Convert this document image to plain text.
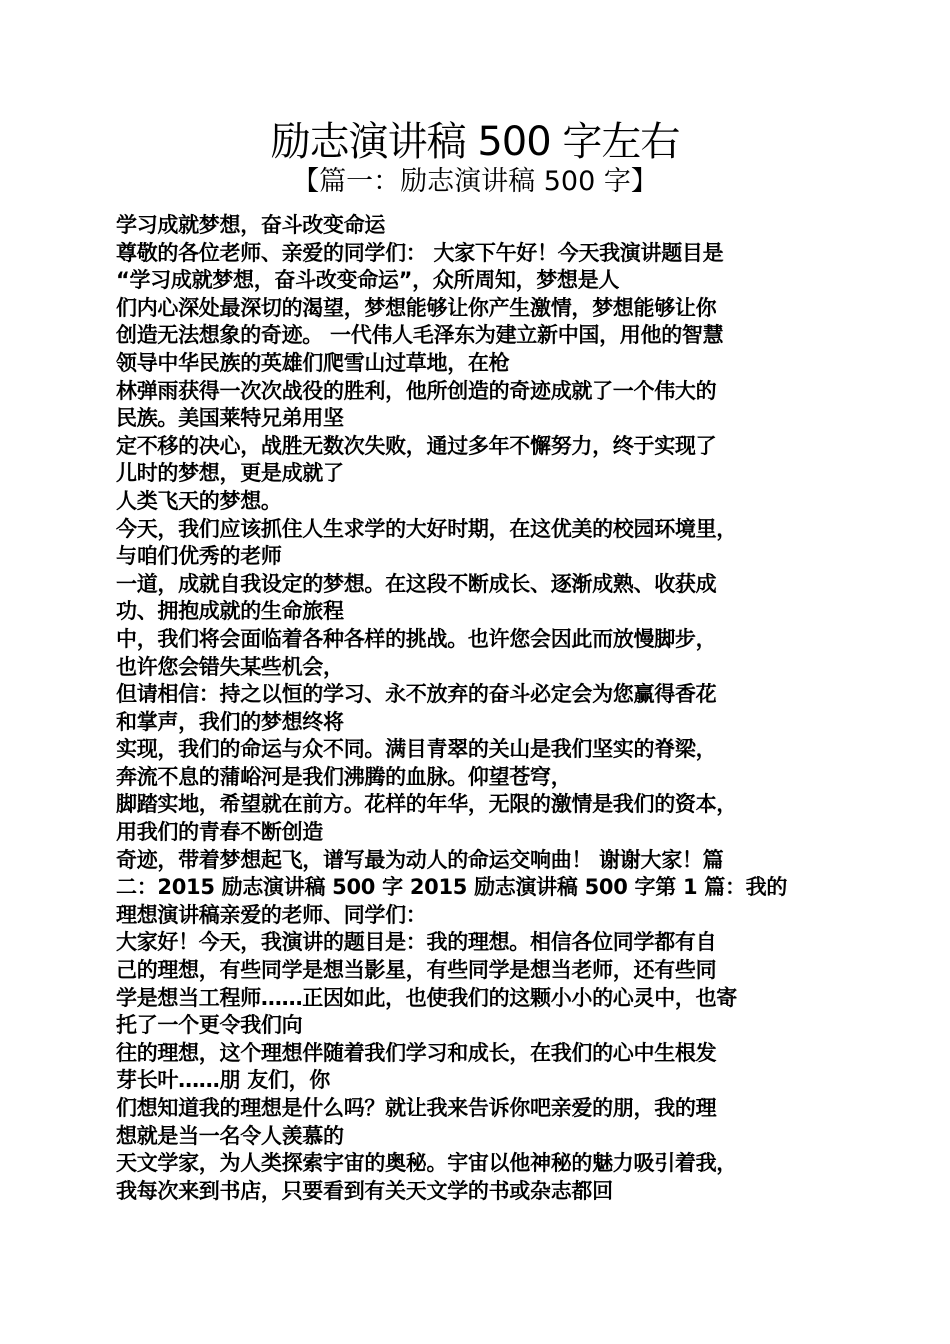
励志演讲稿 500 字左右
【篇一：励志演讲稿 500 字】
学习成就梦想，奋斗改变命运
尊敬的各位老师、亲爱的同学们： 大家下午好！今天我演讲题目是
“学习成就梦想，奋斗改变命运”，众所周知，梦想是人
们内心深处最深切的渴望，梦想能够让你产生激情，梦想能够让你
创造无法想象的奇迹。 一代伟人毛泽东为建立新中国，用他的智慧
领导中华民族的英雄们爬雪山过草地，在枪
林弹雨获得一次次战役的胜利，他所创造的奇迹成就了一个伟大的
民族。美国莱特兄弟用坚
定不移的决心，战胜无数次失败，通过多年不懈努力，终于实现了
儿时的梦想，更是成就了
人类飞天的梦想。
今天，我们应该抓住人生求学的大好时期，在这优美的校园环境里，
与咱们优秀的老师
一道，成就自我设定的梦想。在这段不断成长、逐渐成熟、收获成
功、拥抱成就的生命旅程
中，我们将会面临着各种各样的挑战。也许您会因此而放慢脚步，
也许您会错失某些机会，
但请相信：持之以恒的学习、永不放弃的奋斗必定会为您赢得香花
和掌声，我们的梦想终将
实现，我们的命运与众不同。满目青翠的关山是我们坚实的脊梁，
奔流不息的蒲峪河是我们沸腾的血脉。仰望苍穹，
脚踏实地，希望就在前方。花样的年华，无限的激情是我们的资本，
用我们的青春不断创造
奇迹，带着梦想起飞，谱写最为动人的命运交响曲！ 谢谢大家！篇
二：2015 励志演讲稿 500 字 2015 励志演讲稿 500 字第 1 篇：我的
理想演讲稿亲爱的老师、同学们：
大家好！今天，我演讲的题目是：我的理想。相信各位同学都有自
己的理想，有些同学是想当影星，有些同学是想当老师，还有些同
学是想当工程师……正因如此，也使我们的这颗小小的心灵中，也寄
托了一个更令我们向
往的理想，这个理想伴随着我们学习和成长，在我们的心中生根发
芽长叶……朋 友们，你
们想知道我的理想是什么吗？就让我来告诉你吧亲爱的朋，我的理
想就是当一名令人羡慕的
天文学家，为人类探索宇宙的奥秘。宇宙以他神秘的魅力吸引着我，
我每次来到书店，只要看到有关天文学的书或杂志都回
